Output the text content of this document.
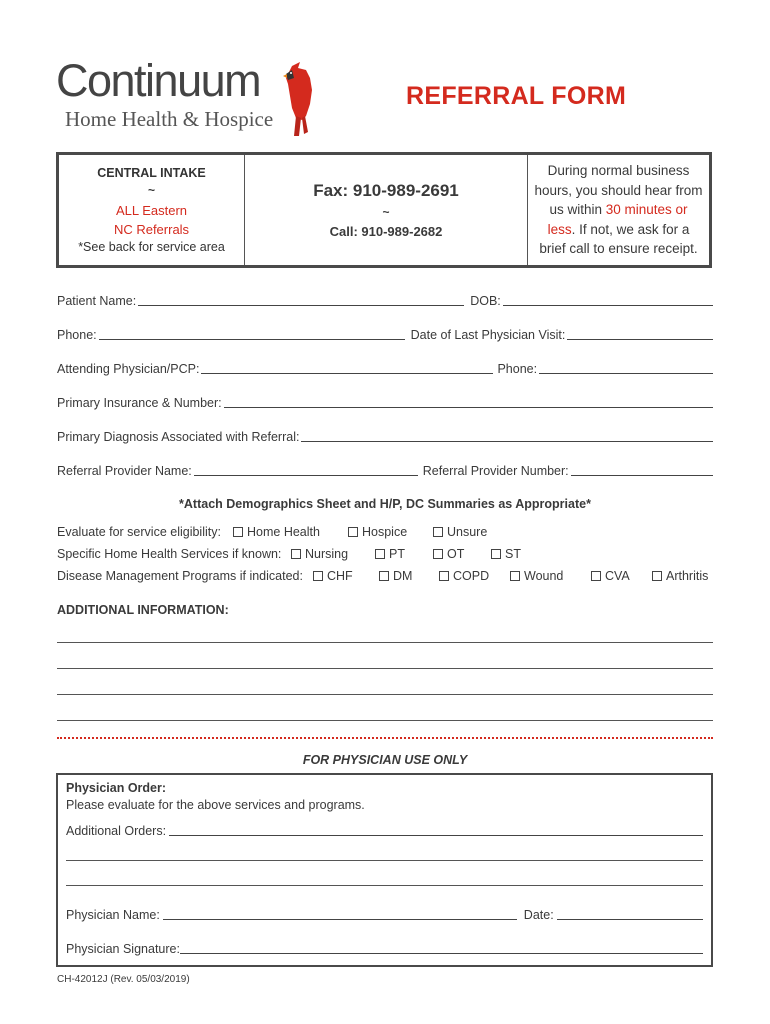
Continuum
Home Health & Hospice
REFERRAL FORM
CENTRAL INTAKE
~
ALL Eastern
NC Referrals
*See back for service area
Fax: 910-989-2691
~
Call: 910-989-2682

During normal business hours, you should hear from us within 30 minutes or less. If not, we ask for a brief call to ensure receipt.

Patient Name:	DOB:
Phone:	Date of Last Physician Visit:
Attending Physician/PCP:	Phone:
Primary Insurance & Number:
Primary Diagnosis Associated with Referral:
Referral Provider Name:	Referral Provider Number:
*Attach Demographics Sheet and H/P, DC Summaries as Appropriate*
Evaluate for service eligibility:	Home Health	Hospice	Unsure
Specific Home Health Services if known:	Nursing	PT	OT	ST
Disease Management Programs if indicated:	CHF	DM	COPD	Wound	CVA	Arthritis
ADDITIONAL INFORMATION:
FOR PHYSICIAN USE ONLY
Physician Order:
Please evaluate for the above services and programs.
Additional Orders:
Physician Name:	Date:
Physician Signature:
CH-42012J (Rev. 05/03/2019)
